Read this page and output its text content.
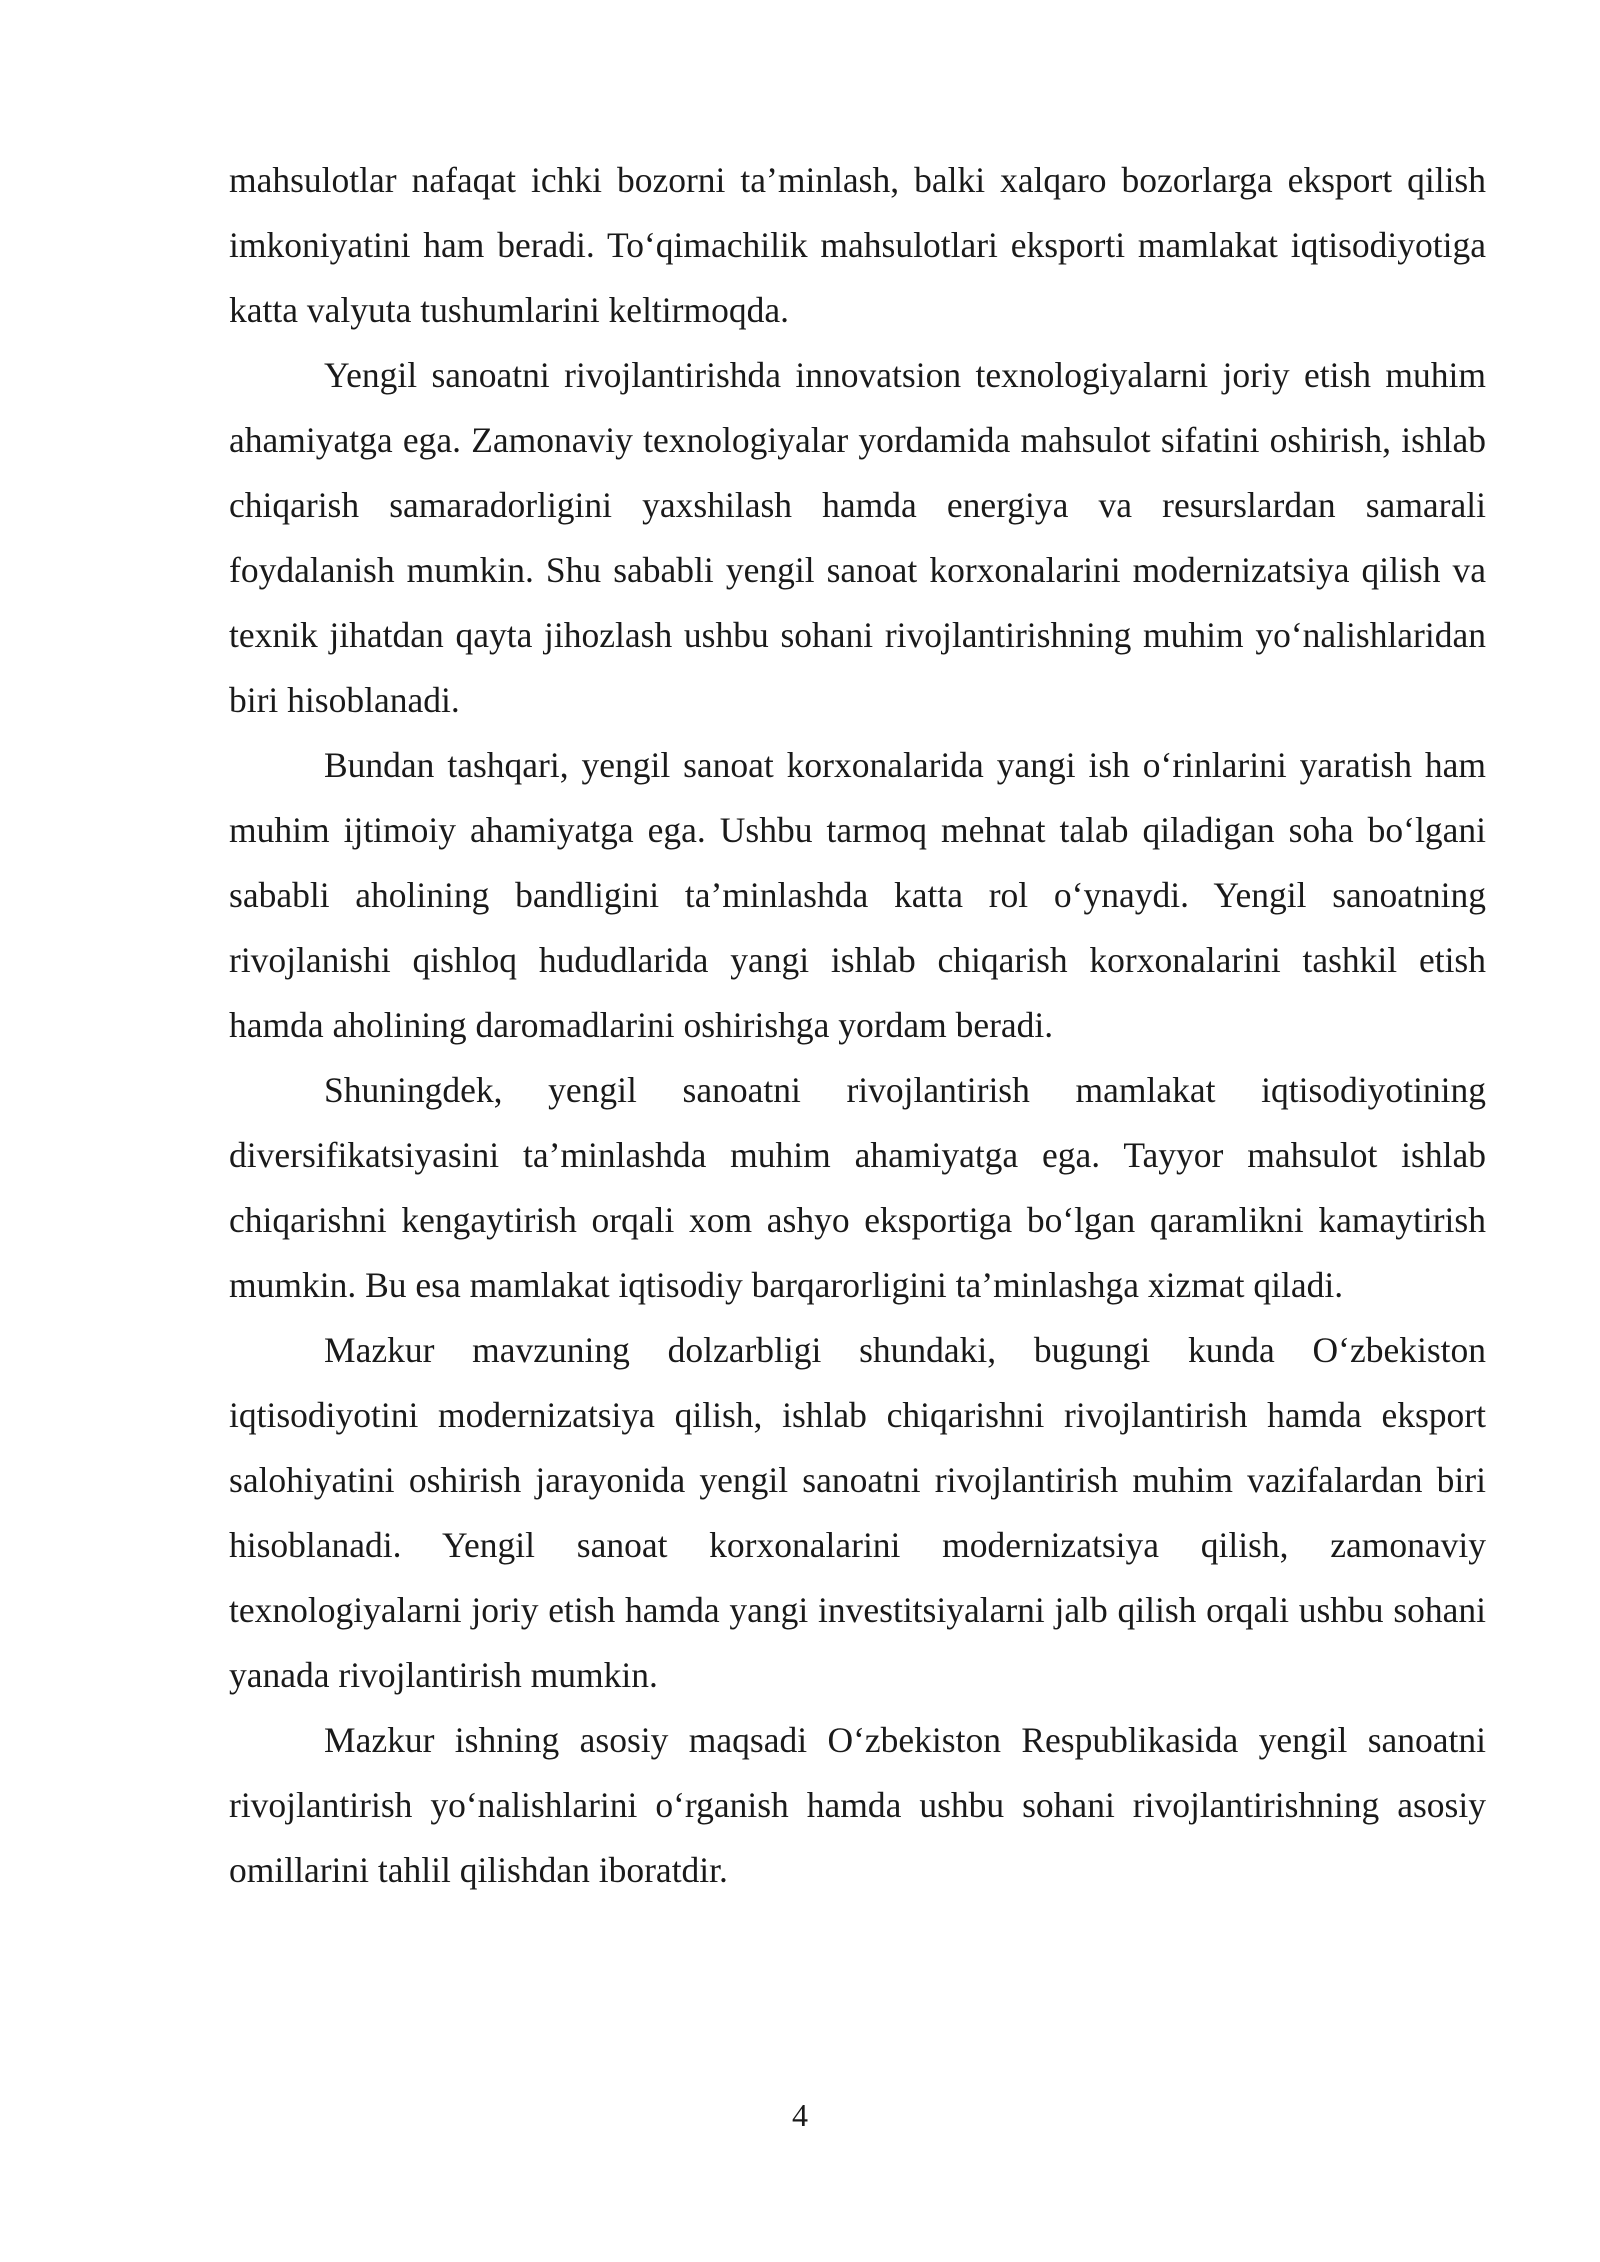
mahsulotlar nafaqat ichki bozorni ta’minlash, balki xalqaro bozorlarga eksport qilish imkoniyatini ham beradi. To‘qimachilik mahsulotlari eksporti mamlakat iqtisodiyotiga katta valyuta tushumlarini keltirmoqda.

Yengil sanoatni rivojlantirishda innovatsion texnologiyalarni joriy etish muhim ahamiyatga ega. Zamonaviy texnologiyalar yordamida mahsulot sifatini oshirish, ishlab chiqarish samaradorligini yaxshilash hamda energiya va resurslardan samarali foydalanish mumkin. Shu sababli yengil sanoat korxonalarini modernizatsiya qilish va texnik jihatdan qayta jihozlash ushbu sohani rivojlantirishning muhim yo‘nalishlaridan biri hisoblanadi.

Bundan tashqari, yengil sanoat korxonalarida yangi ish o‘rinlarini yaratish ham muhim ijtimoiy ahamiyatga ega. Ushbu tarmoq mehnat talab qiladigan soha bo‘lgani sababli aholining bandligini ta’minlashda katta rol o‘ynaydi. Yengil sanoatning rivojlanishi qishloq hududlarida yangi ishlab chiqarish korxonalarini tashkil etish hamda aholining daromadlarini oshirishga yordam beradi.

Shuningdek, yengil sanoatni rivojlantirish mamlakat iqtisodiyotining diversifikatsiyasini ta’minlashda muhim ahamiyatga ega. Tayyor mahsulot ishlab chiqarishni kengaytirish orqali xom ashyo eksportiga bo‘lgan qaramlikni kamaytirish mumkin. Bu esa mamlakat iqtisodiy barqarorligini ta’minlashga xizmat qiladi.

Mazkur mavzuning dolzarbligi shundaki, bugungi kunda O‘zbekiston iqtisodiyotini modernizatsiya qilish, ishlab chiqarishni rivojlantirish hamda eksport salohiyatini oshirish jarayonida yengil sanoatni rivojlantirish muhim vazifalardan biri hisoblanadi. Yengil sanoat korxonalarini modernizatsiya qilish, zamonaviy texnologiyalarni joriy etish hamda yangi investitsiyalarni jalb qilish orqali ushbu sohani yanada rivojlantirish mumkin.

Mazkur ishning asosiy maqsadi O‘zbekiston Respublikasida yengil sanoatni rivojlantirish yo‘nalishlarini o‘rganish hamda ushbu sohani rivojlantirishning asosiy omillarini tahlil qilishdan iboratdir.

4
